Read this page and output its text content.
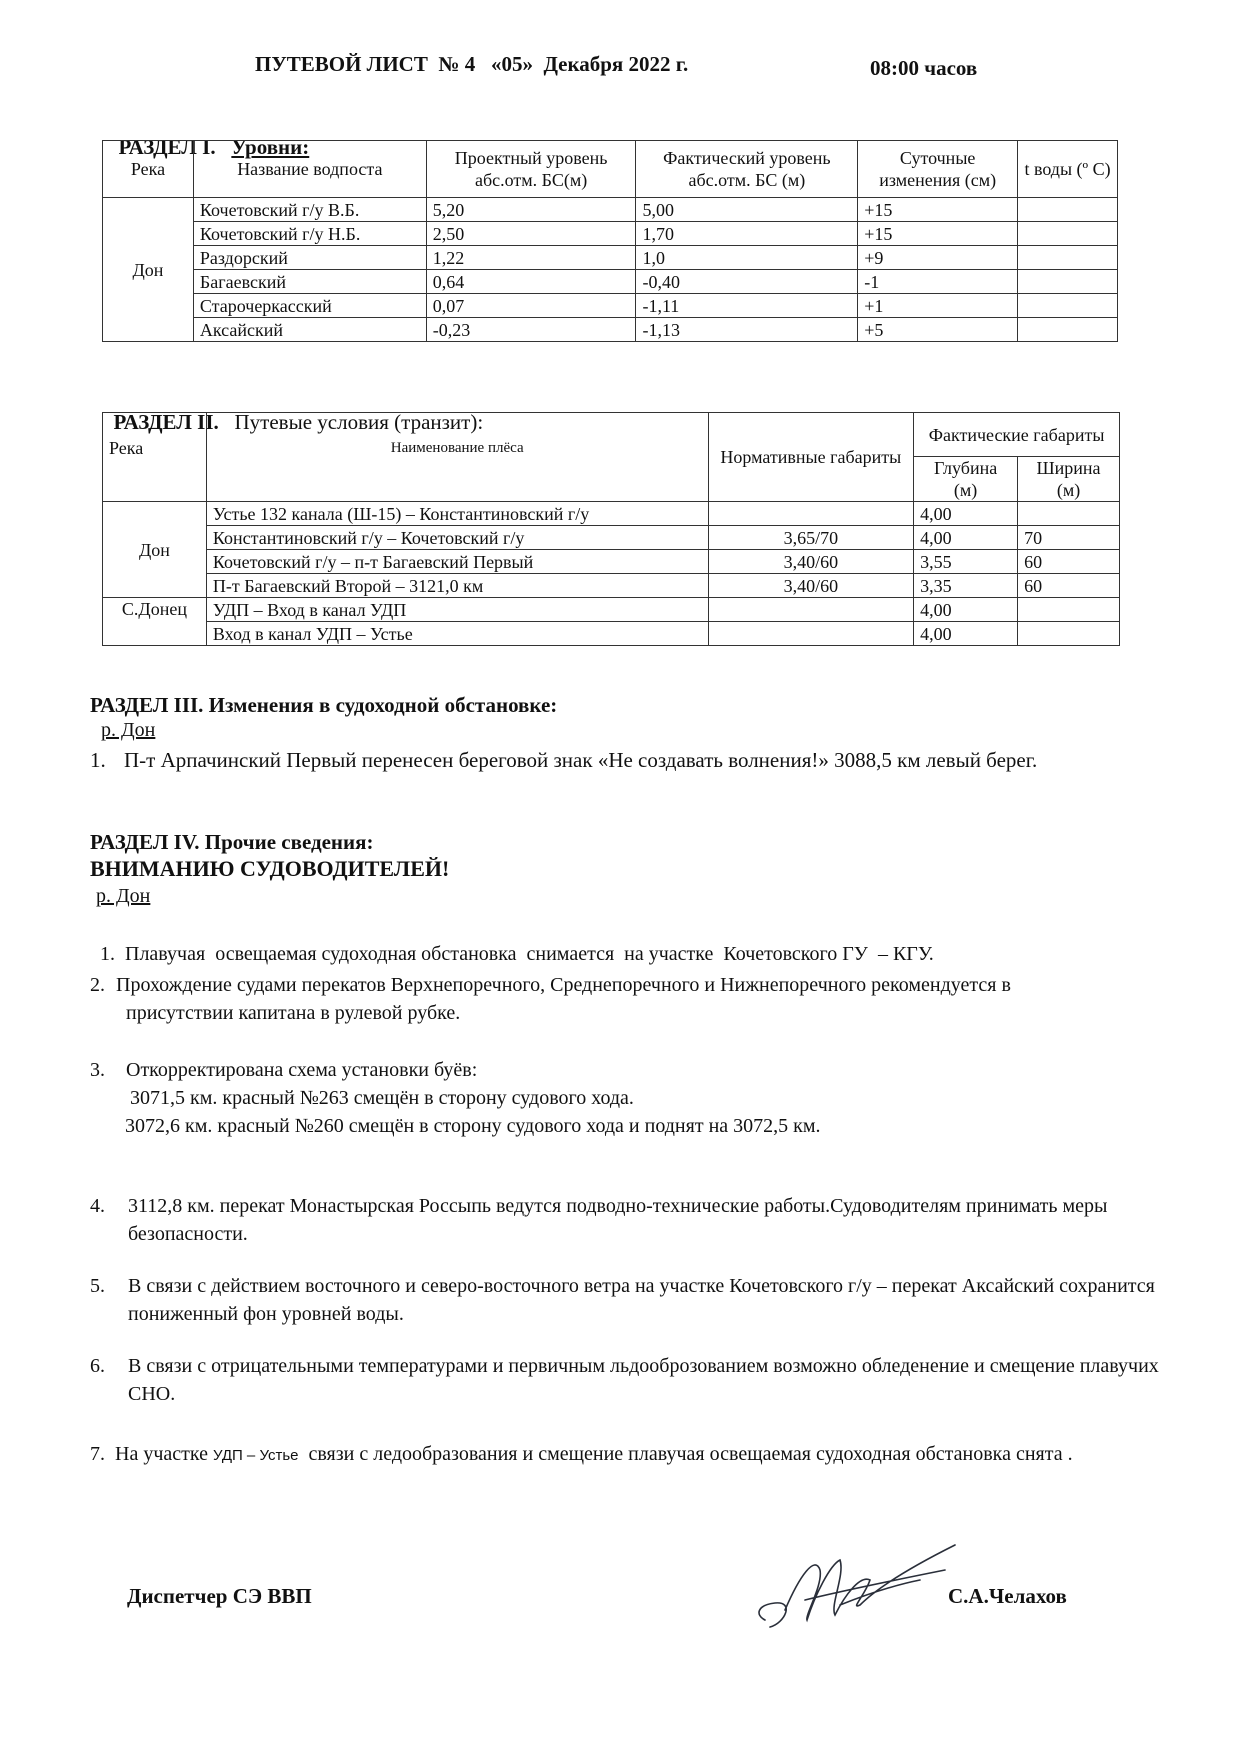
ПУТЕВОЙ ЛИСТ  № 4   «05»  Декабря 2022 г.	08:00 часов

РАЗДЕЛ I. Уровни:

Река	Название водпоста	Проектный уровень абс.отм. БС(м)	Фактический уровень абс.отм. БС (м)	Суточные изменения (см)	t воды (º С)
Дон	Кочетовский г/у В.Б.	5,20	5,00	+15	
	Кочетовский г/у Н.Б.	2,50	1,70	+15	
	Раздорский	1,22	1,0	+9	
	Багаевский	0,64	-0,40	-1	
	Старочеркасский	0,07	-1,11	+1	
	Аксайский	-0,23	-1,13	+5	

РАЗДЕЛ II. Путевые условия (транзит):

Река	Наименование плёса	Нормативные габариты	Фактические габариты	
			Глубина (м)	Ширина (м)
Дон	Устье 132 канала (Ш-15) – Константиновский г/у		4,00	
	Константиновский г/у – Кочетовский г/у	3,65/70	4,00	70
	Кочетовский г/у – п-т Багаевский Первый	3,40/60	3,55	60
	П-т Багаевский Второй – 3121,0 км	3,40/60	3,35	60
С.Донец	УДП – Вход в канал УДП		4,00	
	Вход в канал УДП – Устье		4,00	
РАЗДЕЛ III. Изменения в судоходной обстановке:
р. Дон
1. П-т Арпачинский Первый перенесен береговой знак «Не создавать волнения!» 3088,5 км левый берег.
РАЗДЕЛ IV. Прочие сведения:
ВНИМАНИЮ СУДОВОДИТЕЛЕЙ!
р. Дон

1. Плавучая  освещаемая судоходная обстановка  снимается  на участке  Кочетовского ГУ  – КГУ.

2. Прохождение судами перекатов Верхнепоречного, Среднепоречного и Нижнепоречного рекомендуется в присутствии капитана в рулевой рубке.
3. Откорректирована схема установки буёв:
3071,5 км. красный №263 смещён в сторону судового хода.
3072,6 км. красный №260 смещён в сторону судового хода и поднят на 3072,5 км.
4. 3112,8 км. перекат Монастырская Россыпь ведутся подводно-технические работы.Судоводителям принимать меры безопасности.
5. В связи с действием восточного и северо-восточного ветра на участке Кочетовского г/у – перекат Аксайский сохранится пониженный фон уровней воды.
6. В связи с отрицательными температурами и первичным льдооброзованием возможно обледенение и смещение плавучих СНО.
7. На участке УДП – Устье связи с ледообразования и смещение плавучая освещаемая судоходная обстановка снята .
Диспетчер СЭ ВВП	С.А.Челахов
